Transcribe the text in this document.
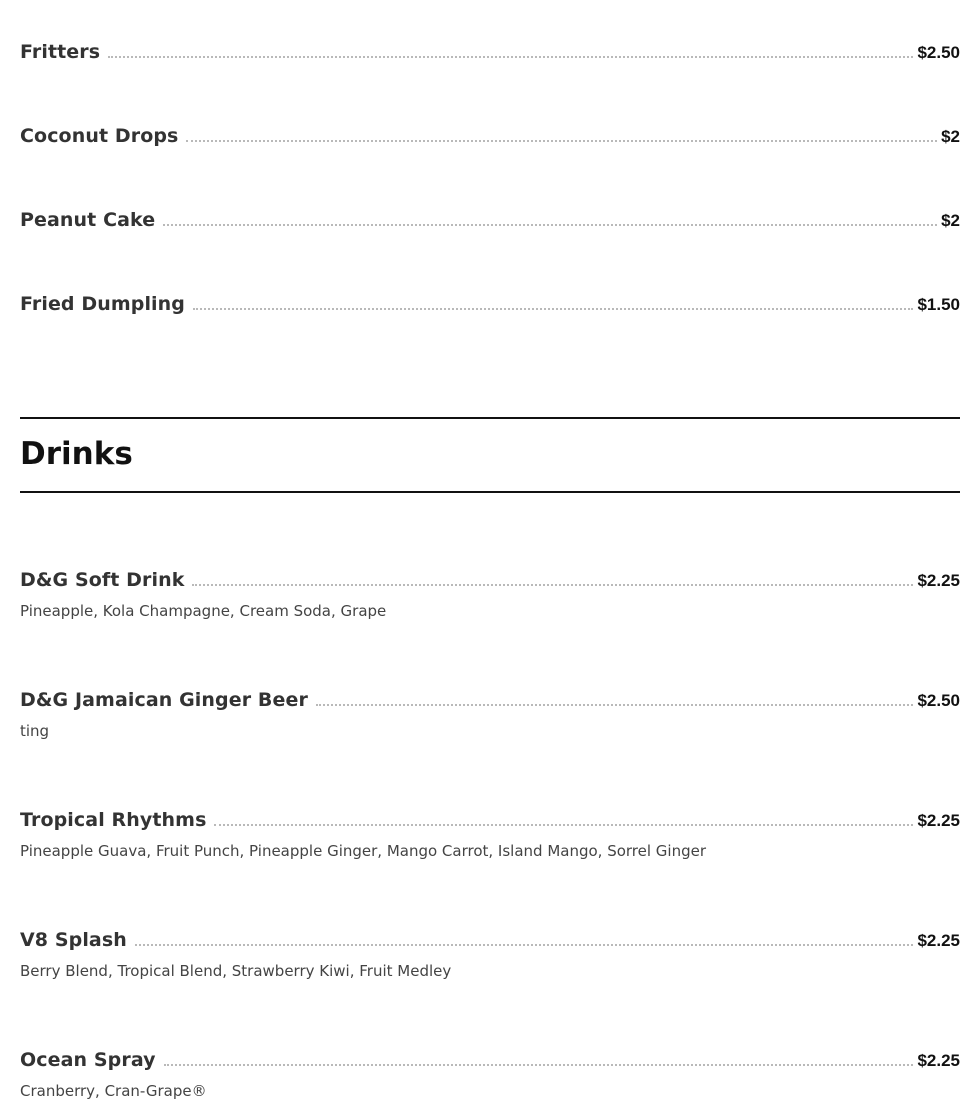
Fritters	$2.50
Coconut Drops	$2
Peanut Cake	$2
Fried Dumpling	$1.50
Drinks
D&G Soft Drink	$2.25
Pineapple, Kola Champagne, Cream Soda, Grape
D&G Jamaican Ginger Beer	$2.50
ting
Tropical Rhythms	$2.25
Pineapple Guava, Fruit Punch, Pineapple Ginger, Mango Carrot, Island Mango, Sorrel Ginger
V8 Splash	$2.25
Berry Blend, Tropical Blend, Strawberry Kiwi, Fruit Medley
Ocean Spray	$2.25
Cranberry, Cran-Grape®
